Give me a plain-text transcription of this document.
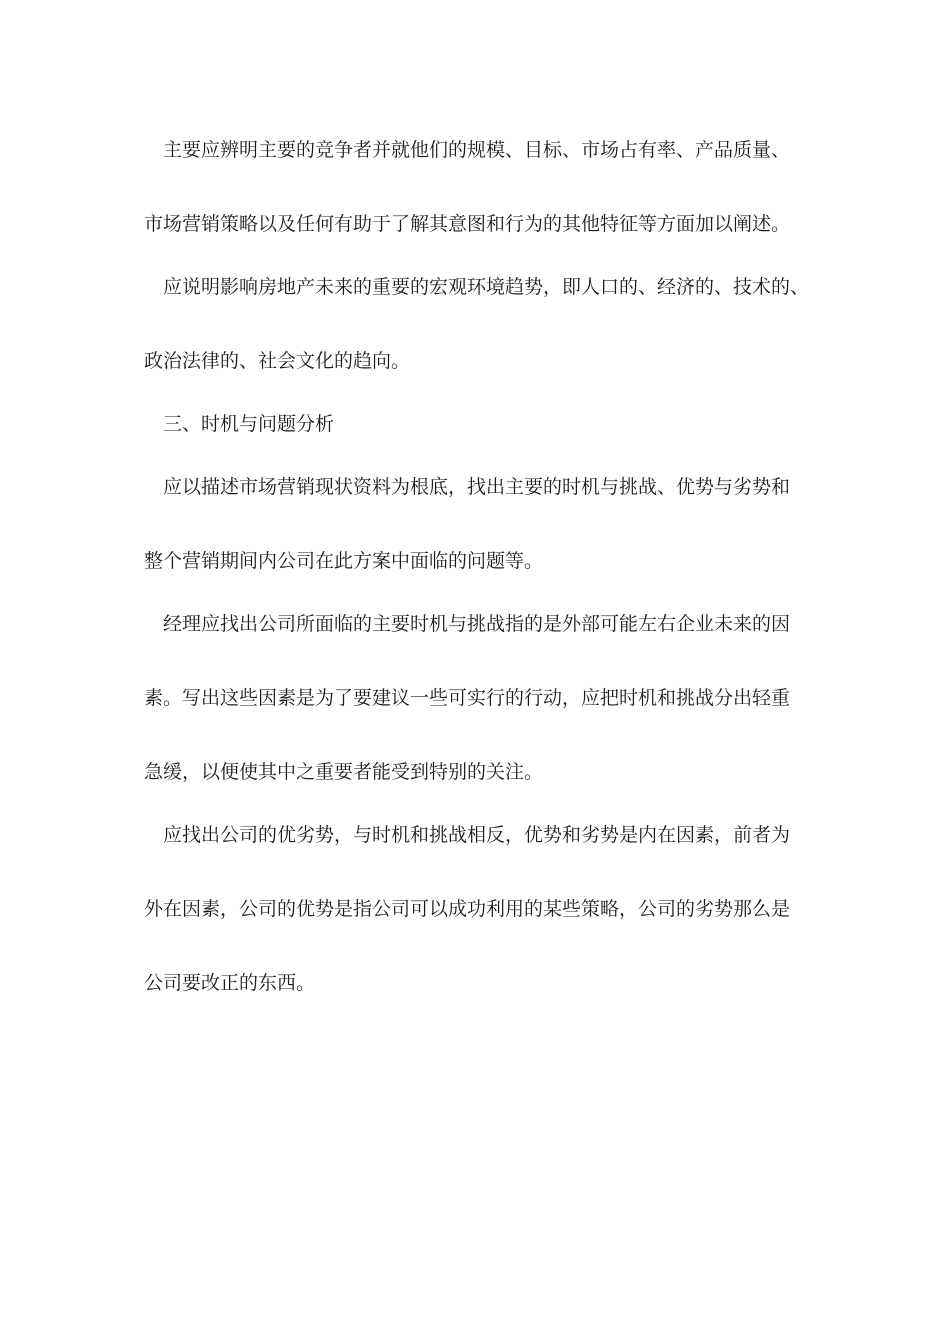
主要应辨明主要的竞争者并就他们的规模、目标、市场占有率、产品质量、
市场营销策略以及任何有助于了解其意图和行为的其他特征等方面加以阐述。
应说明影响房地产未来的重要的宏观环境趋势，即人口的、经济的、技术的、
政治法律的、社会文化的趋向。
三、时机与问题分析
应以描述市场营销现状资料为根底，找出主要的时机与挑战、优势与劣势和
整个营销期间内公司在此方案中面临的问题等。
经理应找出公司所面临的主要时机与挑战指的是外部可能左右企业未来的因
素。写出这些因素是为了要建议一些可实行的行动，应把时机和挑战分出轻重
急缓，以便使其中之重要者能受到特别的关注。
应找出公司的优劣势，与时机和挑战相反，优势和劣势是内在因素，前者为
外在因素，公司的优势是指公司可以成功利用的某些策略，公司的劣势那么是
公司要改正的东西。
